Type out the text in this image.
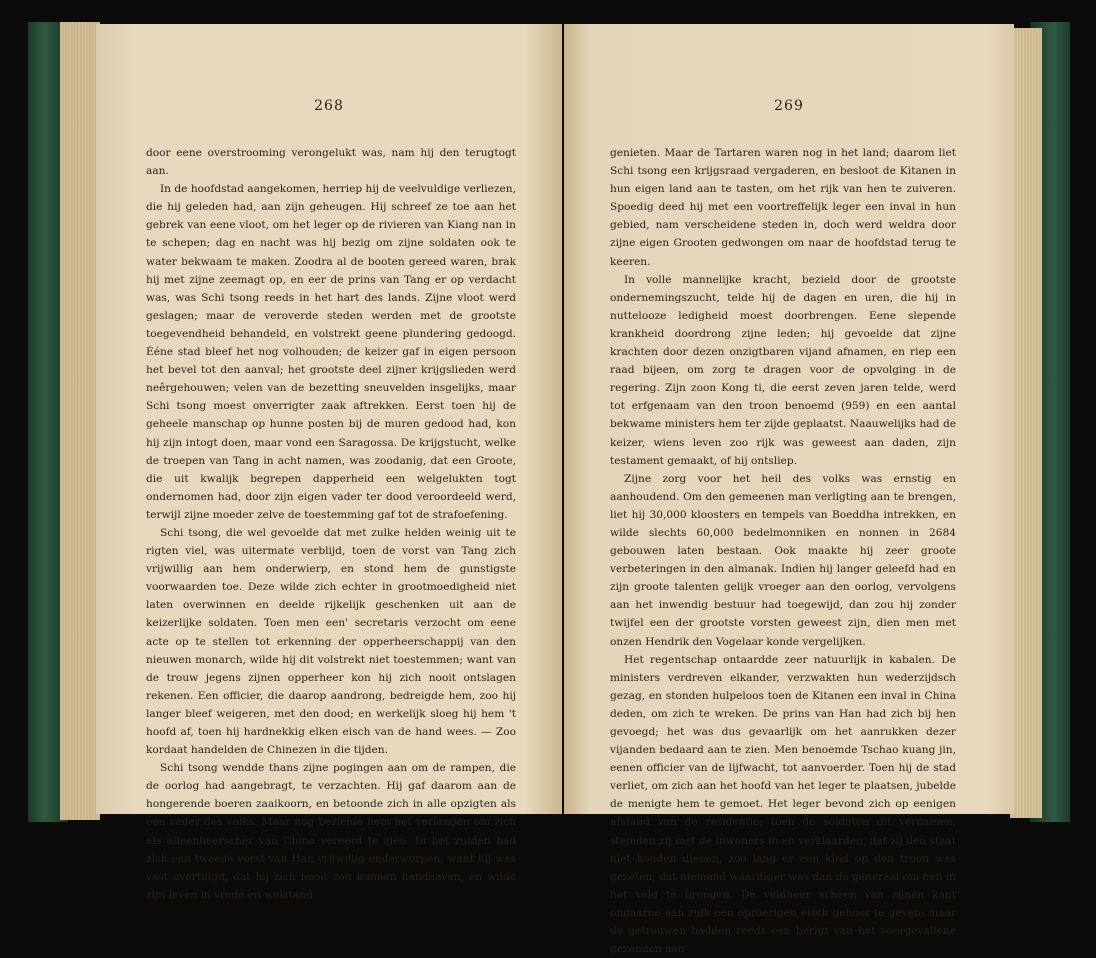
268

door eene overstrooming verongelukt was, nam hij den terugtogt aan.

In de hoofdstad aangekomen, herriep hij de veelvuldige verliezen, die hij geleden had, aan zijn geheugen. Hij schreef ze toe aan het gebrek van eene vloot, om het leger op de rivieren van Kiang nan in te schepen; dag en nacht was hij bezig om zijne soldaten ook te water bekwaam te maken. Zoodra al de booten gereed waren, brak hij met zijne zeemagt op, en eer de prins van Tang er op verdacht was, was Schi tsong reeds in het hart des lands. Zijne vloot werd geslagen; maar de veroverde steden werden met de grootste toegevendheid behandeld, en volstrekt geene plundering gedoogd. Ééne stad bleef het nog volhouden; de keizer gaf in eigen persoon het bevel tot den aanval; het grootste deel zijner krijgslieden werd neêrgehouwen; velen van de bezetting sneuvelden insgelijks, maar Schi tsong moest onverrigter zaak aftrekken. Eerst toen hij de geheele manschap op hunne posten bij de muren gedood had, kon hij zijn intogt doen, maar vond een Saragossa. De krijgstucht, welke de troepen van Tang in acht namen, was zoodanig, dat een Groote, die uit kwalijk begrepen dapperheid een welgelukten togt ondernomen had, door zijn eigen vader ter dood veroordeeld werd, terwijl zijne moeder zelve de toestemming gaf tot de strafoefening.

Schi tsong, die wel gevoelde dat met zulke helden weinig uit te rigten viel, was uitermate verblijd, toen de vorst van Tang zich vrijwillig aan hem onderwierp, en stond hem de gunstigste voorwaarden toe. Deze wilde zich echter in grootmoedigheid niet laten overwinnen en deelde rijkelijk geschenken uit aan de keizerlijke soldaten. Toen men een' secretaris verzocht om eene acte op te stellen tot erkenning der opperheerschappij van den nieuwen monarch, wilde hij dit volstrekt niet toestemmen; want van de trouw jegens zijnen opperheer kon hij zich nooit ontslagen rekenen. Een officier, die daarop aandrong, bedreigde hem, zoo hij langer bleef weigeren, met den dood; en werkelijk sloeg hij hem 't hoofd af, toen hij hardnekkig elken eisch van de hand wees. — Zoo kordaat handelden de Chinezen in die tijden.

Schi tsong wendde thans zijne pogingen aan om de rampen, die de oorlog had aangebragt, te verzachten. Hij gaf daarom aan de hongerende boeren zaaikoorn, en betoonde zich in alle opzigten als een vader des volks. Maar nog bezielde hem het verlangen om zich als alleenheerscher van China vereerd te zien. In het zuiden had zich een tweede vorst van Han vrijwillig onderworpen; want hij was vast overtuigd, dat hij zich nooit zou kunnen handhaven, en wilde zijn leven in vrede en welstand

269

genieten. Maar de Tartaren waren nog in het land; daarom liet Schi tsong een krijgsraad vergaderen, en besloot de Kitanen in hun eigen land aan te tasten, om het rijk van hen te zuiveren. Spoedig deed hij met een voortreffelijk leger een inval in hun gebied, nam verscheidene steden in, doch werd weldra door zijne eigen Grooten gedwongen om naar de hoofdstad terug te keeren.

In volle mannelijke kracht, bezield door de grootste ondernemingszucht, telde hij de dagen en uren, die hij in nuttelooze ledigheid moest doorbrengen. Eene slepende krankheid doordrong zijne leden; hij gevoelde dat zijne krachten door dezen onzigtbaren vijand afnamen, en riep een raad bijeen, om zorg te dragen voor de opvolging in de regering. Zijn zoon Kong ti, die eerst zeven jaren telde, werd tot erfgenaam van den troon benoemd (959) en een aantal bekwame ministers hem ter zijde geplaatst. Naauwelijks had de keizer, wiens leven zoo rijk was geweest aan daden, zijn testament gemaakt, of hij ontsliep.

Zijne zorg voor het heil des volks was ernstig en aanhoudend. Om den gemeenen man verligting aan te brengen, liet hij 30,000 kloosters en tempels van Boeddha intrekken, en wilde slechts 60,000 bedelmonniken en nonnen in 2684 gebouwen laten bestaan. Ook maakte hij zeer groote verbeteringen in den almanak. Indien hij langer geleefd had en zijn groote talenten gelijk vroeger aan den oorlog, vervolgens aan het inwendig bestuur had toegewijd, dan zou hij zonder twijfel een der grootste vorsten geweest zijn, dien men met onzen Hendrik den Vogelaar konde vergelijken.

Het regentschap ontaardde zeer natuurlijk in kabalen. De ministers verdreven elkander, verzwakten hun wederzijdsch gezag, en stonden hulpeloos toen de Kitanen een inval in China deden, om zich te wreken. De prins van Han had zich bij hen gevoegd; het was dus gevaarlijk om het aanrukken dezer vijanden bedaard aan te zien. Men benoemde Tschao kuang jin, eenen officier van de lijfwacht, tot aanvoerder. Toen hij de stad verliet, om zich aan het hoofd van het leger te plaatsen, jubelde de menigte hem te gemoet. Het leger bevond zich op eenigen afstand van de residentie; toen de soldaten dit vernamen, stemden zij met de inwoners in en verklaarden, dat zij den staat niet konden dienen, zoo lang er een kind op den troon was gezeten; dat niemand waardiger was dan de generaal om hen in het veld te brengen. De veldheer scheen van zijnen kant ongaarne aan zulk een oproerigen eisch gehoor te geven; maar de getrouwen hadden reeds een berigt van het voorgevallene gezonden aan
